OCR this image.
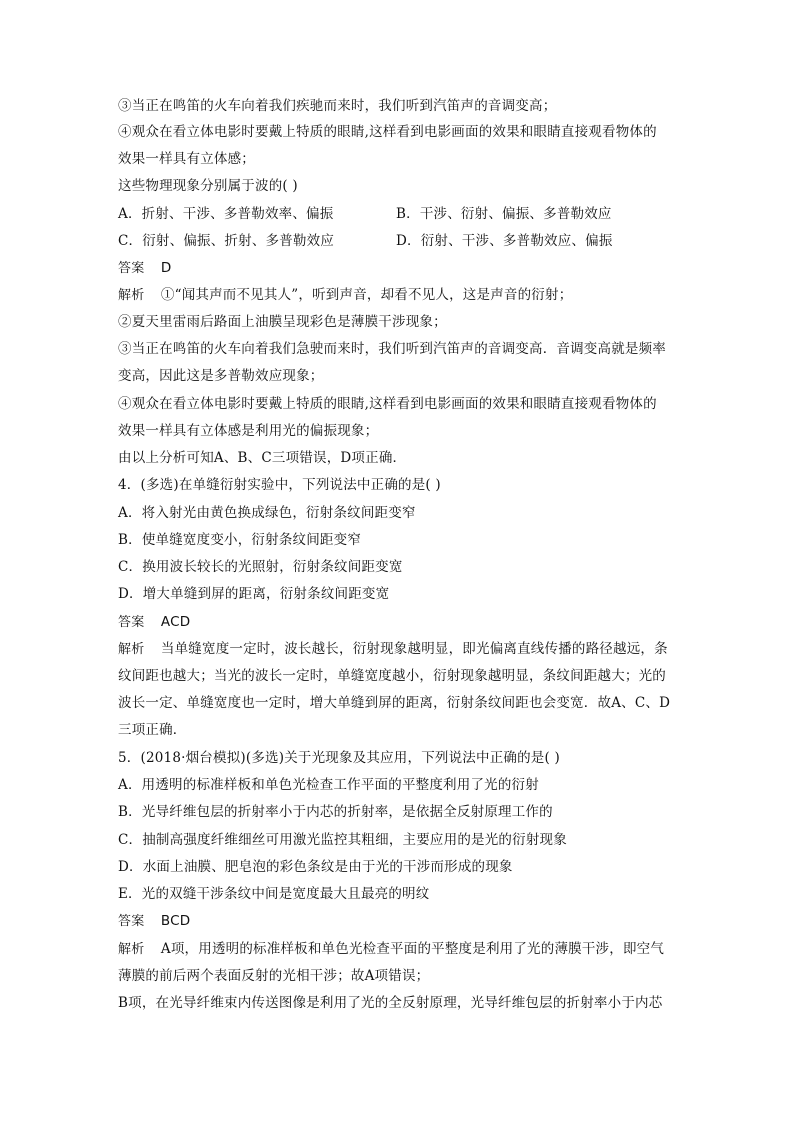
③当正在鸣笛的火车向着我们疾驰而来时，我们听到汽笛声的音调变高；
④观众在看立体电影时要戴上特质的眼睛,这样看到电影画面的效果和眼睛直接观看物体的
效果一样具有立体感；
这些物理现象分别属于波的( )
A．折射、干涉、多普勒效率、偏振	B．干涉、衍射、偏振、多普勒效应
C．衍射、偏振、折射、多普勒效应	D．衍射、干涉、多普勒效应、偏振
答案 D
解析 ①“闻其声而不见其人”，听到声音，却看不见人，这是声音的衍射；
②夏天里雷雨后路面上油膜呈现彩色是薄膜干涉现象；
③当正在鸣笛的火车向着我们急驶而来时，我们听到汽笛声的音调变高．音调变高就是频率
变高，因此这是多普勒效应现象；
④观众在看立体电影时要戴上特质的眼睛,这样看到电影画面的效果和眼睛直接观看物体的
效果一样具有立体感是利用光的偏振现象；
由以上分析可知A、B、C三项错误，D项正确．
4．(多选)在单缝衍射实验中，下列说法中正确的是( )
A．将入射光由黄色换成绿色，衍射条纹间距变窄
B．使单缝宽度变小，衍射条纹间距变窄
C．换用波长较长的光照射，衍射条纹间距变宽
D．增大单缝到屏的距离，衍射条纹间距变宽
答案 ACD
解析 当单缝宽度一定时，波长越长，衍射现象越明显，即光偏离直线传播的路径越远，条
纹间距也越大；当光的波长一定时，单缝宽度越小，衍射现象越明显，条纹间距越大；光的
波长一定、单缝宽度也一定时，增大单缝到屏的距离，衍射条纹间距也会变宽．故A、C、D
三项正确．
5．(2018·烟台模拟)(多选)关于光现象及其应用，下列说法中正确的是( )
A．用透明的标准样板和单色光检查工作平面的平整度利用了光的衍射
B．光导纤维包层的折射率小于内芯的折射率，是依据全反射原理工作的
C．抽制高强度纤维细丝可用激光监控其粗细，主要应用的是光的衍射现象
D．水面上油膜、肥皂泡的彩色条纹是由于光的干涉而形成的现象
E．光的双缝干涉条纹中间是宽度最大且最亮的明纹
答案 BCD
解析 A项，用透明的标准样板和单色光检查平面的平整度是利用了光的薄膜干涉，即空气
薄膜的前后两个表面反射的光相干涉；故A项错误；
B项，在光导纤维束内传送图像是利用了光的全反射原理，光导纤维包层的折射率小于内芯
